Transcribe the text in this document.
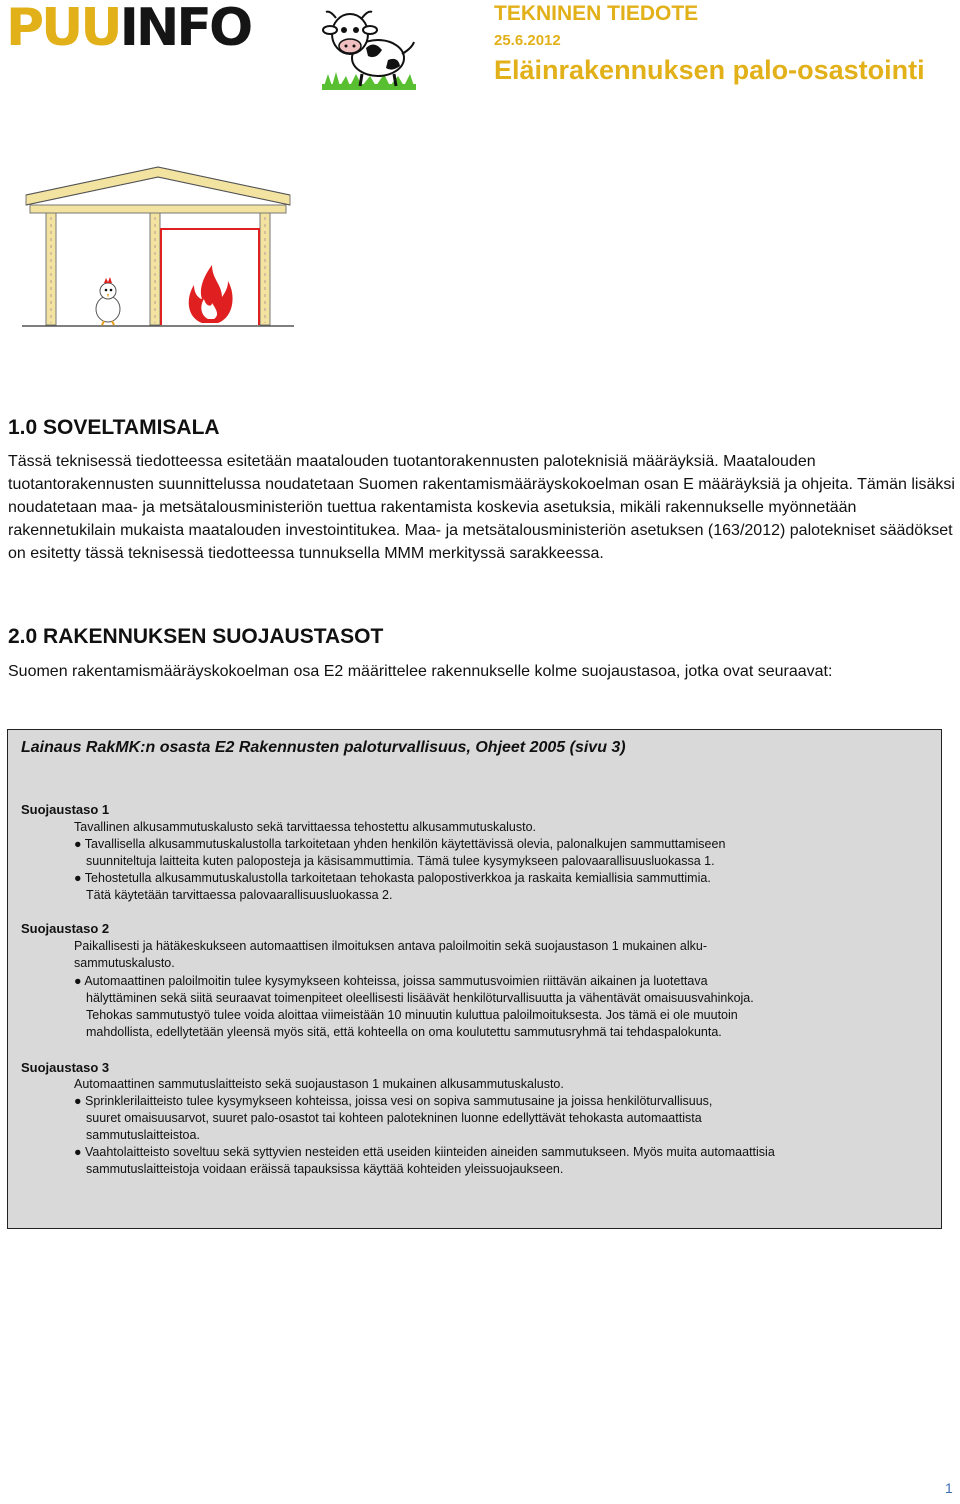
PUUINFO	TEKNINEN TIEDOTE
25.6.2012
Eläinrakennuksen palo-osastointi
1.0 SOVELTAMISALA

Tässä teknisessä tiedotteessa esitetään maatalouden tuotantorakennusten paloteknisiä määräyksiä. Maatalouden tuotantorakennusten suunnittelussa noudatetaan Suomen rakentamismääräyskokoelman osan E määräyksiä ja ohjeita. Tämän lisäksi noudatetaan maa- ja metsätalousministeriön tuettua rakentamista koskevia asetuksia, mikäli rakennukselle myönnetään rakennetukilain mukaista maatalouden investointitukea. Maa- ja metsätalousministeriön asetuksen (163/2012) palotekniset säädökset on esitetty tässä teknisessä tiedotteessa tunnuksella MMM merkityssä sarakkeessa.

2.0 RAKENNUKSEN SUOJAUSTASOT

Suomen rakentamismääräyskokoelman osa E2 määrittelee rakennukselle kolme suojaustasoa, jotka ovat seuraavat:

Lainaus RakMK:n osasta E2 Rakennusten paloturvallisuus, Ohjeet 2005 (sivu 3)
Suojaustaso 1
Tavallinen alkusammutuskalusto sekä tarvittaessa tehostettu alkusammutuskalusto.
● Tavallisella alkusammutuskalustolla tarkoitetaan yhden henkilön käytettävissä olevia, palonalkujen sammuttamiseen
suunniteltuja laitteita kuten paloposteja ja käsisammuttimia. Tämä tulee kysymykseen palovaarallisuusluokassa 1.
● Tehostetulla alkusammutuskalustolla tarkoitetaan tehokasta palopostiverkkoa ja raskaita kemiallisia sammuttimia.
Tätä käytetään tarvittaessa palovaarallisuusluokassa 2.
Suojaustaso 2
Paikallisesti ja hätäkeskukseen automaattisen ilmoituksen antava paloilmoitin sekä suojaustason 1 mukainen alku-
sammutuskalusto.
● Automaattinen paloilmoitin tulee kysymykseen kohteissa, joissa sammutusvoimien riittävän aikainen ja luotettava
hälyttäminen sekä siitä seuraavat toimenpiteet oleellisesti lisäävät henkilöturvallisuutta ja vähentävät omaisuusvahinkoja.
Tehokas sammutustyö tulee voida aloittaa viimeistään 10 minuutin kuluttua paloilmoituksesta. Jos tämä ei ole muutoin
mahdollista, edellytetään yleensä myös sitä, että kohteella on oma koulutettu sammutusryhmä tai tehdaspalokunta.
Suojaustaso 3
Automaattinen sammutuslaitteisto sekä suojaustason 1 mukainen alkusammutuskalusto.
● Sprinklerilaitteisto tulee kysymykseen kohteissa, joissa vesi on sopiva sammutusaine ja joissa henkilöturvallisuus,
suuret omaisuusarvot, suuret palo-osastot tai kohteen palotekninen luonne edellyttävät tehokasta automaattista
sammutuslaitteistoa.
● Vaahtolaitteisto soveltuu sekä syttyvien nesteiden että useiden kiinteiden aineiden sammutukseen. Myös muita automaattisia
sammutuslaitteistoja voidaan eräissä tapauksissa käyttää kohteiden yleissuojaukseen.
1
